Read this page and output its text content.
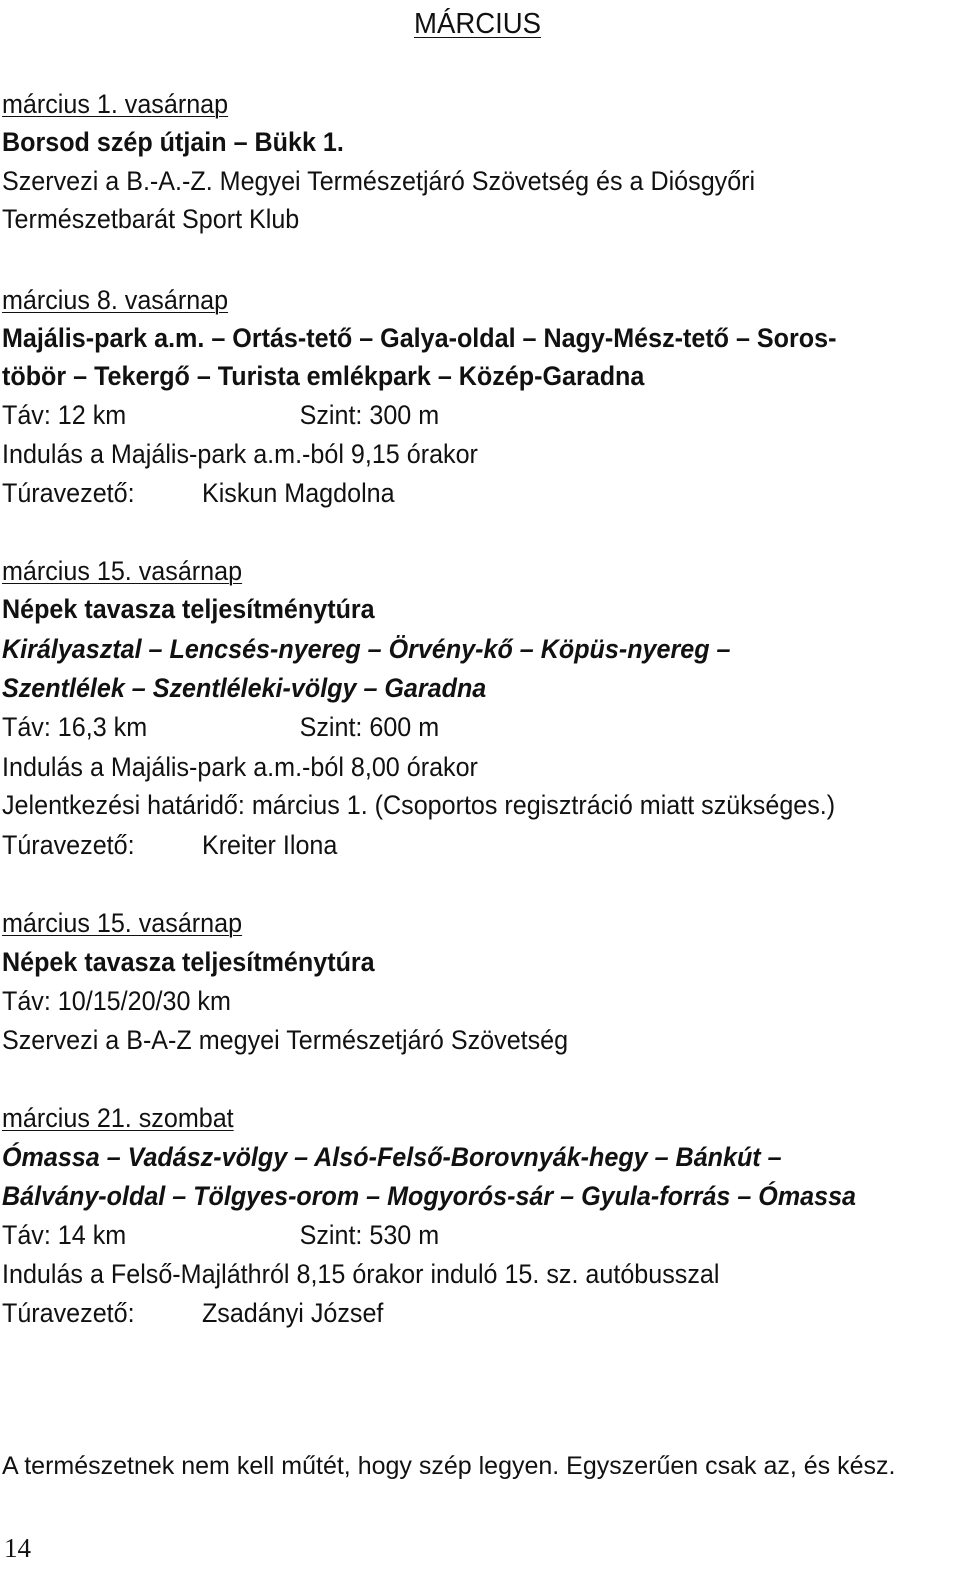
MÁRCIUS
március 1. vasárnap
Borsod szép útjain – Bükk 1.
Szervezi a B.-A.-Z. Megyei Természetjáró Szövetség és a Diósgyőri
Természetbarát Sport Klub
március 8. vasárnap
Majális-park a.m. – Ortás-tető – Galya-oldal – Nagy-Mész-tető – Soros-
töbör – Tekergő – Turista emlékpark – Közép-Garadna
Táv: 12 km	Szint: 300 m
Indulás a Majális-park a.m.-ból 9,15 órakor
Túravezető: Kiskun Magdolna
március 15. vasárnap
Népek tavasza teljesítménytúra
Királyasztal – Lencsés-nyereg – Örvény-kő – Köpüs-nyereg –
Szentlélek – Szentléleki-völgy – Garadna
Táv: 16,3 km	Szint: 600 m
Indulás a Majális-park a.m.-ból 8,00 órakor
Jelentkezési határidő: március 1. (Csoportos regisztráció miatt szükséges.)
Túravezető: Kreiter Ilona
március 15. vasárnap
Népek tavasza teljesítménytúra
Táv: 10/15/20/30 km
Szervezi a B-A-Z megyei Természetjáró Szövetség
március 21. szombat
Ómassa – Vadász-völgy – Alsó-Felső-Borovnyák-hegy – Bánkút –
Bálvány-oldal – Tölgyes-orom – Mogyorós-sár – Gyula-forrás – Ómassa
Táv: 14 km	Szint: 530 m
Indulás a Felső-Majláthról 8,15 órakor induló 15. sz. autóbusszal
Túravezető: Zsadányi József
A természetnek nem kell műtét, hogy szép legyen. Egyszerűen csak az, és kész.
14
